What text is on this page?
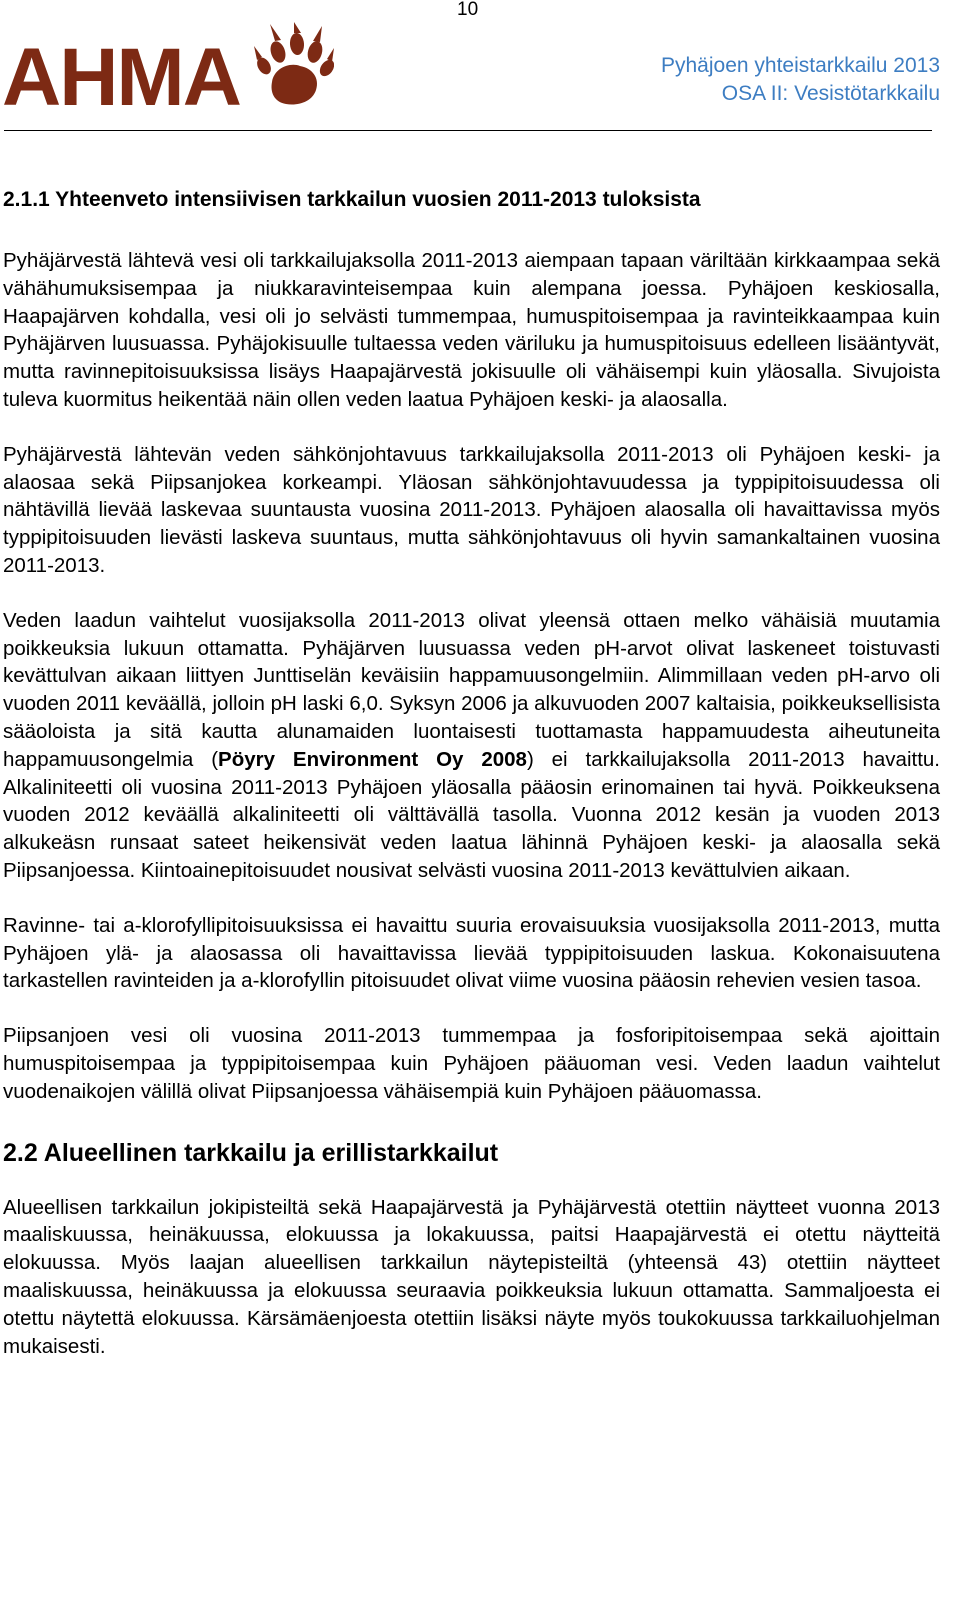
10
AHMA	Pyhäjoen yhteistarkkailu 2013
OSA II: Vesistötarkkailu
2.1.1 Yhteenveto intensiivisen tarkkailun vuosien 2011-2013 tuloksista

Pyhäjärvestä lähtevä vesi oli tarkkailujaksolla 2011-2013 aiempaan tapaan väriltään kirkkaampaa sekä vähähumuksisempaa ja niukkaravinteisempaa kuin alempana joessa. Pyhäjoen keskiosalla, Haapajärven kohdalla, vesi oli jo selvästi tummempaa, humuspitoisempaa ja ravinteikkaampaa kuin Pyhäjärven luusuassa. Pyhäjokisuulle tultaessa veden väriluku ja humuspitoisuus edelleen lisääntyvät, mutta ravinnepitoisuuksissa lisäys Haapajärvestä jokisuulle oli vähäisempi kuin yläosalla. Sivujoista tuleva kuormitus heikentää näin ollen veden laatua Pyhäjoen keski- ja alaosalla.

Pyhäjärvestä lähtevän veden sähkönjohtavuus tarkkailujaksolla 2011-2013 oli Pyhäjoen keski- ja alaosaa sekä Piipsanjokea korkeampi. Yläosan sähkönjohtavuudessa ja typpipitoisuudessa oli nähtävillä lievää laskevaa suuntausta vuosina 2011-2013. Pyhäjoen alaosalla oli havaittavissa myös typpipitoisuuden lievästi laskeva suuntaus, mutta sähkönjohtavuus oli hyvin samankaltainen vuosina 2011-2013.

Veden laadun vaihtelut vuosijaksolla 2011-2013 olivat yleensä ottaen melko vähäisiä muutamia poikkeuksia lukuun ottamatta. Pyhäjärven luusuassa veden pH-arvot olivat laskeneet toistuvasti kevättulvan aikaan liittyen Junttiselän keväisiin happamuusongelmiin. Alimmillaan veden pH-arvo oli vuoden 2011 keväällä, jolloin pH laski 6,0. Syksyn 2006 ja alkuvuoden 2007 kaltaisia, poikkeuksellisista sääoloista ja sitä kautta alunamaiden luontaisesti tuottamasta happamuudesta aiheutuneita happamuusongelmia (Pöyry Environment Oy 2008) ei tarkkailujaksolla 2011-2013 havaittu. Alkaliniteetti oli vuosina 2011-2013 Pyhäjoen yläosalla pääosin erinomainen tai hyvä. Poikkeuksena vuoden 2012 keväällä alkaliniteetti oli välttävällä tasolla. Vuonna 2012 kesän ja vuoden 2013 alkukeäsn runsaat sateet heikensivät veden laatua lähinnä Pyhäjoen keski- ja alaosalla sekä Piipsanjoessa. Kiintoainepitoisuudet nousivat selvästi vuosina 2011-2013 kevättulvien aikaan.

Ravinne- tai a-klorofyllipitoisuuksissa ei havaittu suuria erovaisuuksia vuosijaksolla 2011-2013, mutta Pyhäjoen ylä- ja alaosassa oli havaittavissa lievää typpipitoisuuden laskua. Kokonaisuutena tarkastellen ravinteiden ja a-klorofyllin pitoisuudet olivat viime vuosina pääosin rehevien vesien tasoa.

Piipsanjoen vesi oli vuosina 2011-2013 tummempaa ja fosforipitoisempaa sekä ajoittain humuspitoisempaa ja typpipitoisempaa kuin Pyhäjoen pääuoman vesi. Veden laadun vaihtelut vuodenaikojen välillä olivat Piipsanjoessa vähäisempiä kuin Pyhäjoen pääuomassa.

2.2 Alueellinen tarkkailu ja erillistarkkailut

Alueellisen tarkkailun jokipisteiltä sekä Haapajärvestä ja Pyhäjärvestä otettiin näytteet vuonna 2013 maaliskuussa, heinäkuussa, elokuussa ja lokakuussa, paitsi Haapajärvestä ei otettu näytteitä elokuussa. Myös laajan alueellisen tarkkailun näytepisteiltä (yhteensä 43) otettiin näytteet maaliskuussa, heinäkuussa ja elokuussa seuraavia poikkeuksia lukuun ottamatta. Sammaljoesta ei otettu näytettä elokuussa. Kärsämäenjoesta otettiin lisäksi näyte myös toukokuussa tarkkailuohjelman mukaisesti.
